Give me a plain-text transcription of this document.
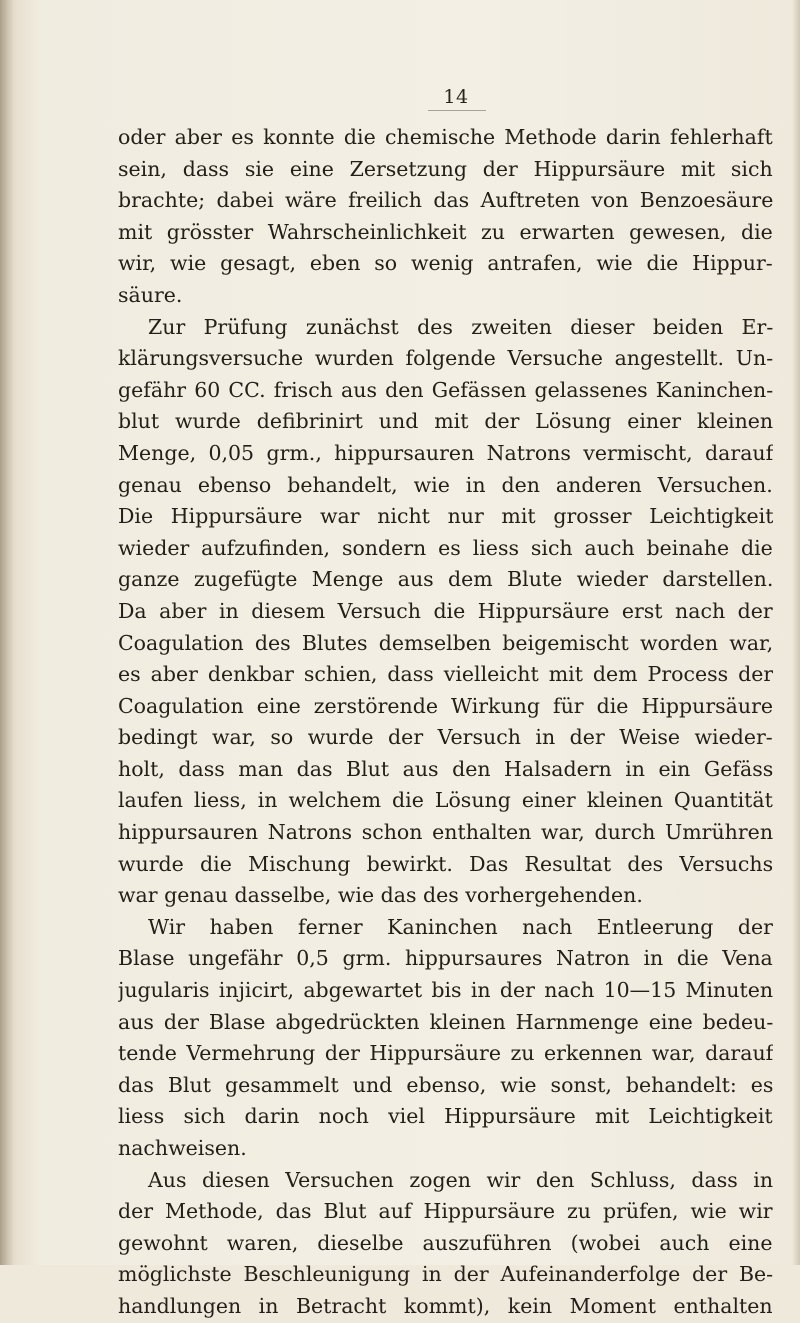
14
oder aber es konnte die chemische Methode darin fehlerhaft
sein, dass sie eine Zersetzung der Hippursäure mit sich
brachte; dabei wäre freilich das Auftreten von Benzoesäure
mit grösster Wahrscheinlichkeit zu erwarten gewesen, die
wir, wie gesagt, eben so wenig antrafen, wie die Hippur-
säure.
Zur Prüfung zunächst des zweiten dieser beiden Er-
klärungsversuche wurden folgende Versuche angestellt. Un-
gefähr 60 CC. frisch aus den Gefässen gelassenes Kaninchen-
blut wurde defibrinirt und mit der Lösung einer kleinen
Menge, 0,05 grm., hippursauren Natrons vermischt, darauf
genau ebenso behandelt, wie in den anderen Versuchen.
Die Hippursäure war nicht nur mit grosser Leichtigkeit
wieder aufzufinden, sondern es liess sich auch beinahe die
ganze zugefügte Menge aus dem Blute wieder darstellen.
Da aber in diesem Versuch die Hippursäure erst nach der
Coagulation des Blutes demselben beigemischt worden war,
es aber denkbar schien, dass vielleicht mit dem Process der
Coagulation eine zerstörende Wirkung für die Hippursäure
bedingt war, so wurde der Versuch in der Weise wieder-
holt, dass man das Blut aus den Halsadern in ein Gefäss
laufen liess, in welchem die Lösung einer kleinen Quantität
hippursauren Natrons schon enthalten war, durch Umrühren
wurde die Mischung bewirkt. Das Resultat des Versuchs
war genau dasselbe, wie das des vorhergehenden.
Wir haben ferner Kaninchen nach Entleerung der
Blase ungefähr 0,5 grm. hippursaures Natron in die Vena
jugularis injicirt, abgewartet bis in der nach 10—15 Minuten
aus der Blase abgedrückten kleinen Harnmenge eine bedeu-
tende Vermehrung der Hippursäure zu erkennen war, darauf
das Blut gesammelt und ebenso, wie sonst, behandelt: es
liess sich darin noch viel Hippursäure mit Leichtigkeit
nachweisen.
Aus diesen Versuchen zogen wir den Schluss, dass in
der Methode, das Blut auf Hippursäure zu prüfen, wie wir
gewohnt waren, dieselbe auszuführen (wobei auch eine
möglichste Beschleunigung in der Aufeinanderfolge der Be-
handlungen in Betracht kommt), kein Moment enthalten
